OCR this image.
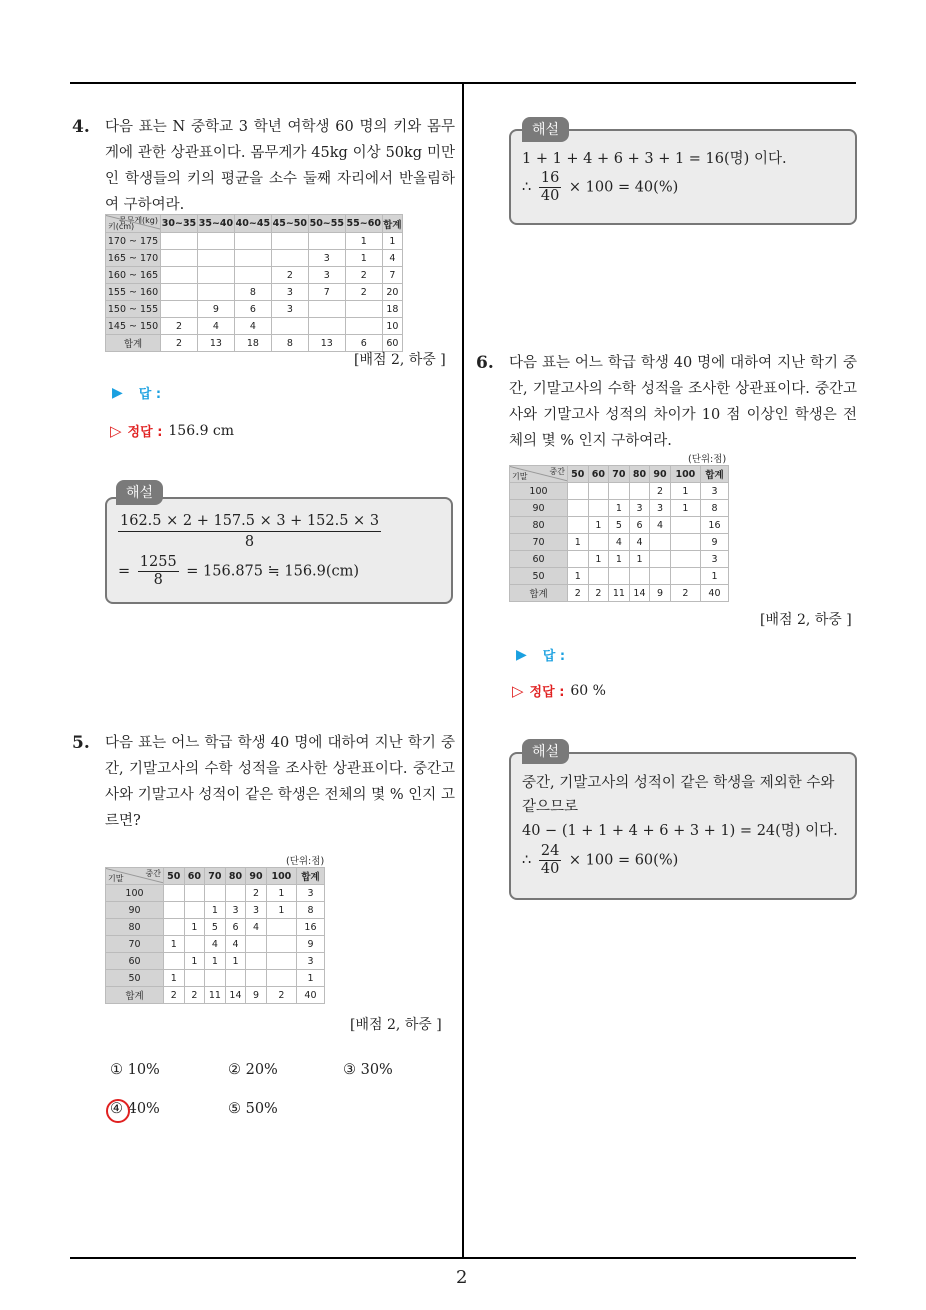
4. 다음 표는 N 중학교 3 학년 여학생 60 명의 키와 몸무게에 관한 상관표이다. 몸무게가 45kg 이상 50kg 미만인 학생들의 키의 평균을 소수 둘째 자리에서 반올림하여 구하여라.
몸무게(kg)
키(cm)	30~35	35~40	40~45	45~50	50~55	55~60	합계
170 ~ 175						1	1
165 ~ 170					3	1	4
160 ~ 165				2	3	2	7
155 ~ 160			8	3	7	2	20
150 ~ 155		9	6	3			18
145 ~ 150	2	4	4				10
합계	2	13	18	8	13	6	60
[배점 2, 하중 ]
▶ 답 :
▷ 정답 : 156.9 cm
해설
$\frac{162.5 \times 2 + 157.5 \times 3 + 152.5 \times 3}{8}$
= $\frac{1255}{8} = 156.875$ ≒ 156.9(cm)
5. 다음 표는 어느 학급 학생 40 명에 대하여 지난 학기 중간, 기말고사의 수학 성적을 조사한 상관표이다. 중간고사와 기말고사 성적이 같은 학생은 전체의 몇 % 인지 고르면?
(단위:점)
중간
기말	50	60	70	80	90	100	합계
100					2	1	3
90			1	3	3	1	8
80		1	5	6	4		16
70	1		4	4			9
60		1	1	1			3
50	1						1
합계	2	2	11	14	9	2	40
[배점 2, 하중 ]
① 10%	② 20%	③ 30%
④ 40%	⑤ 50%
해설
1 + 1 + 4 + 6 + 3 + 1 = 16(명) 이다.
∴ $\frac{16}{40} \times 100 = 40(\%)$
6. 다음 표는 어느 학급 학생 40 명에 대하여 지난 학기 중간, 기말고사의 수학 성적을 조사한 상관표이다. 중간고사와 기말고사 성적의 차이가 10 점 이상인 학생은 전체의 몇 % 인지 구하여라.
(단위:점)
중간
기말	50	60	70	80	90	100	합계
100					2	1	3
90			1	3	3	1	8
80		1	5	6	4		16
70	1		4	4			9
60		1	1	1			3
50	1						1
합계	2	2	11	14	9	2	40
[배점 2, 하중 ]
▶ 답 :
▷ 정답 : 60 %
해설
중간, 기말고사의 성적이 같은 학생을 제외한 수와 같으므로
40 − (1 + 1 + 4 + 6 + 3 + 1) = 24(명) 이다.
∴ $\frac{24}{40} \times 100 = 60(\%)$
2
